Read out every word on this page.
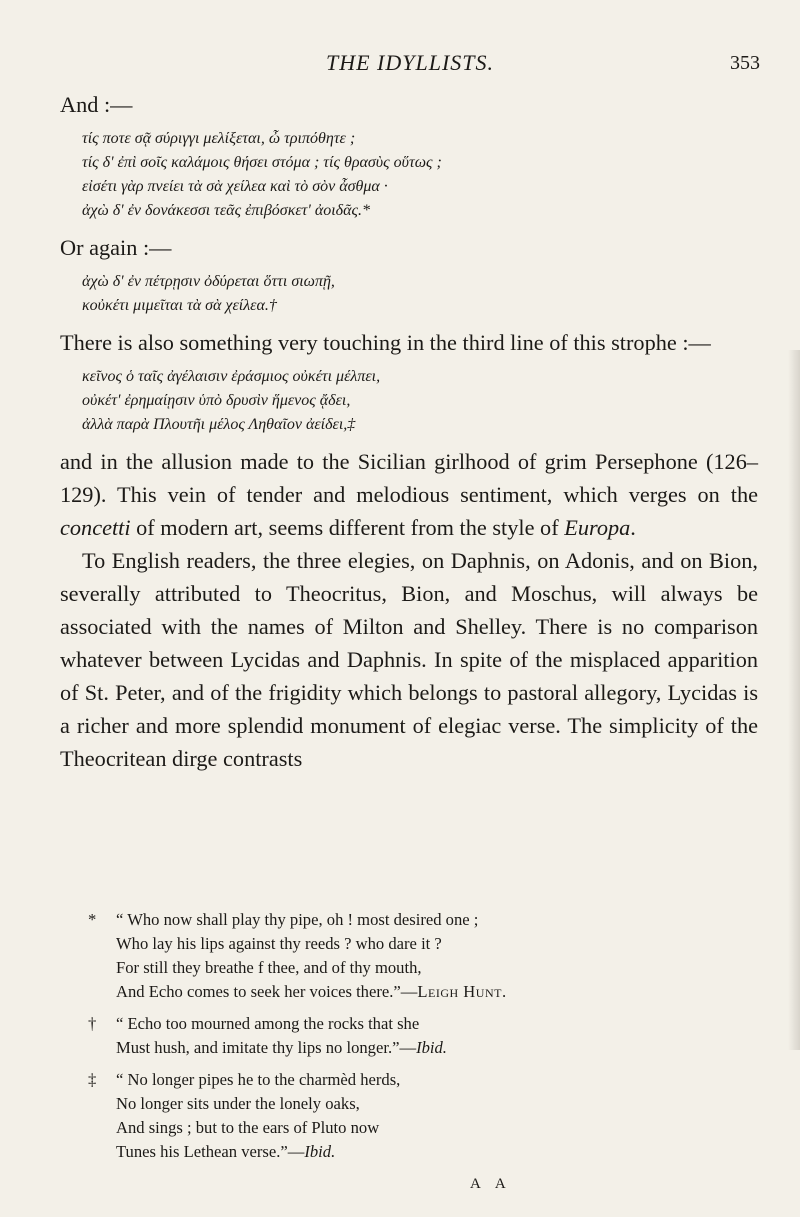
THE IDYLLISTS.	353

And :—

τίς ποτε σᾷ σύριγγι μελίξεται, ὦ τριπόθητε ;
τίς δ' ἐπὶ σοῖς καλάμοις θήσει στόμα ; τίς θρασὺς οὕτως ;
εἰσέτι γὰρ πνείει τὰ σὰ χείλεα καὶ τὸ σὸν ἆσθμα ·
ἀχὼ δ' ἐν δονάκεσσι τεᾶς ἐπιβόσκετ' ἀοιδᾶς.*

Or again :—

ἀχὼ δ' ἐν πέτρῃσιν ὀδύρεται ὅττι σιωπῇ,
κοὐκέτι μιμεῖται τὰ σὰ χείλεα.†

There is also something very touching in the third line of this strophe :—

κεῖνος ὁ ταῖς ἀγέλαισιν ἐράσμιος οὐκέτι μέλπει,
οὐκέτ' ἐρημαίῃσιν ὑπὸ δρυσὶν ἥμενος ᾄδει,
ἀλλὰ παρὰ Πλουτῆι μέλος Ληθαῖον ἀείδει,‡

and in the allusion made to the Sicilian girlhood of grim Persephone (126–129). This vein of tender and melodious sentiment, which verges on the concetti of modern art, seems different from the style of Europa.

To English readers, the three elegies, on Daphnis, on Adonis, and on Bion, severally attributed to Theocritus, Bion, and Moschus, will always be associated with the names of Milton and Shelley. There is no comparison whatever between Lycidas and Daphnis. In spite of the misplaced apparition of St. Peter, and of the frigidity which belongs to pastoral allegory, Lycidas is a richer and more splendid monument of elegiac verse. The simplicity of the Theocritean dirge contrasts

* “ Who now shall play thy pipe, oh ! most desired one ;
Who lay his lips against thy reeds ? who dare it ?
For still they breathe f thee, and of thy mouth,
And Echo comes to seek her voices there.”—Leigh Hunt.
† “ Echo too mourned among the rocks that she
Must hush, and imitate thy lips no longer.”—Ibid.
‡ “ No longer pipes he to the charmèd herds,
No longer sits under the lonely oaks,
And sings ; but to the ears of Pluto now
Tunes his Lethean verse.”—Ibid.
A A
